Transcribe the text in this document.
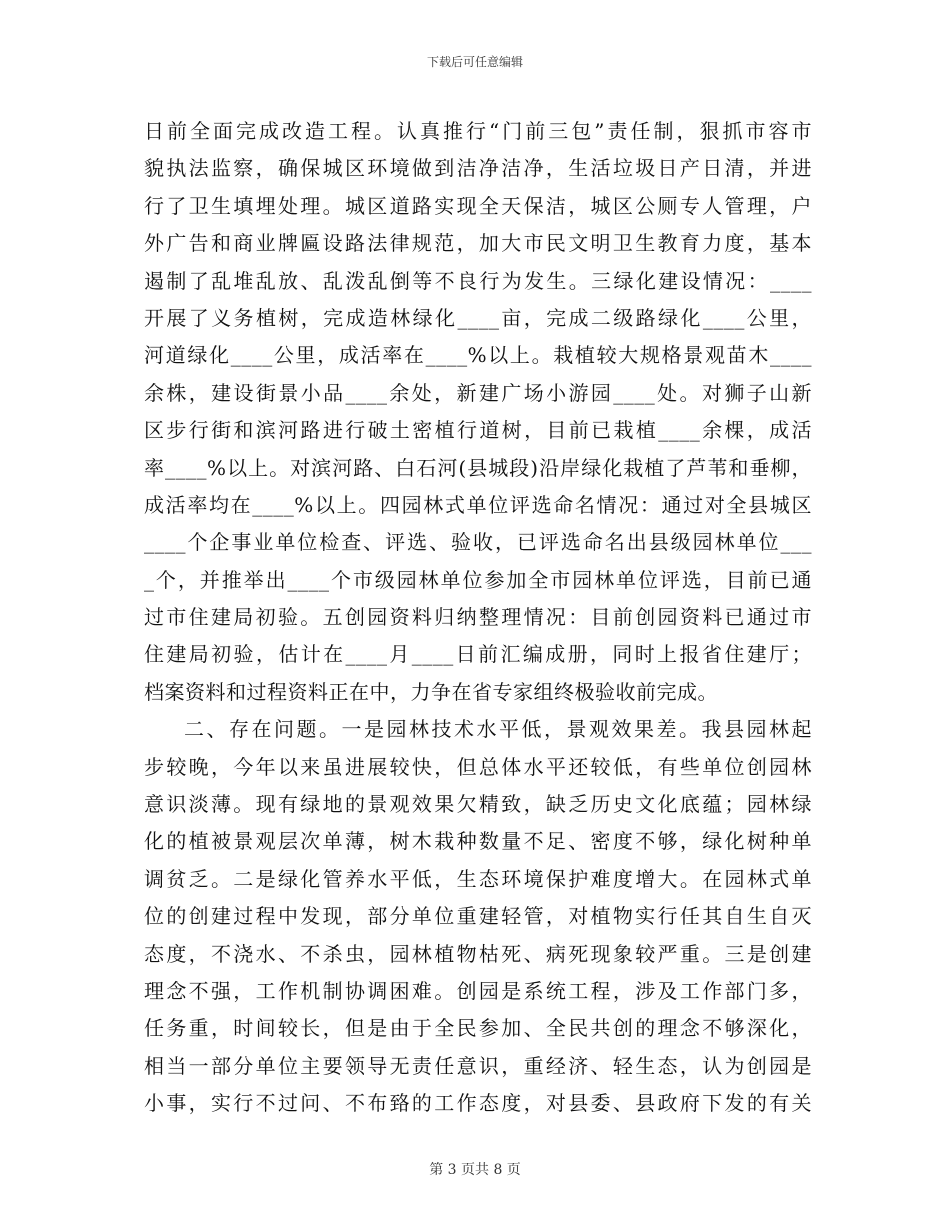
下载后可任意编辑
日前全面完成改造工程。认真推行“门前三包”责任制，狠抓市容市
貌执法监察，确保城区环境做到洁净洁净，生活垃圾日产日清，并进
行了卫生填埋处理。城区道路实现全天保洁，城区公厕专人管理，户
外广告和商业牌匾设路法律规范，加大市民文明卫生教育力度，基本
遏制了乱堆乱放、乱泼乱倒等不良行为发生。三绿化建设情况：____
开展了义务植树，完成造林绿化____亩，完成二级路绿化____公里，
河道绿化____公里，成活率在____%以上。栽植较大规格景观苗木____
余株，建设街景小品____余处，新建广场小游园____处。对狮子山新
区步行街和滨河路进行破土密植行道树，目前已栽植____余棵，成活
率____%以上。对滨河路、白石河(县城段)沿岸绿化栽植了芦苇和垂柳，
成活率均在____%以上。四园林式单位评选命名情况：通过对全县城区
____个企事业单位检查、评选、验收，已评选命名出县级园林单位___
_个，并推举出____个市级园林单位参加全市园林单位评选，目前已通
过市住建局初验。五创园资料归纳整理情况：目前创园资料已通过市
住建局初验，估计在____月____日前汇编成册，同时上报省住建厅；
档案资料和过程资料正在中，力争在省专家组终极验收前完成。
二、存在问题。一是园林技术水平低，景观效果差。我县园林起
步较晚，今年以来虽进展较快，但总体水平还较低，有些单位创园林
意识淡薄。现有绿地的景观效果欠精致，缺乏历史文化底蕴；园林绿
化的植被景观层次单薄，树木栽种数量不足、密度不够，绿化树种单
调贫乏。二是绿化管养水平低，生态环境保护难度增大。在园林式单
位的创建过程中发现，部分单位重建轻管，对植物实行任其自生自灭
态度，不浇水、不杀虫，园林植物枯死、病死现象较严重。三是创建
理念不强，工作机制协调困难。创园是系统工程，涉及工作部门多，
任务重，时间较长，但是由于全民参加、全民共创的理念不够深化，
相当一部分单位主要领导无责任意识，重经济、轻生态，认为创园是
小事，实行不过问、不布臵的工作态度，对县委、县政府下发的有关
第 3 页共 8 页
